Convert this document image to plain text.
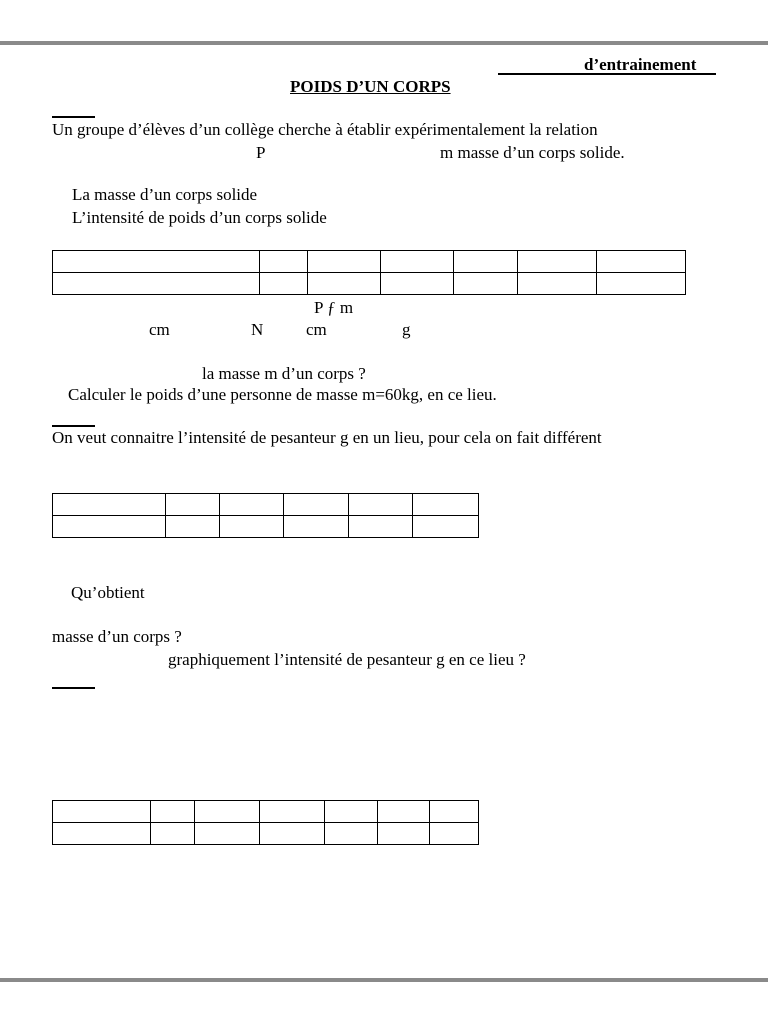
d’entrainement
POIDS D’UN CORPS
Un groupe d’élèves d’un collège cherche à établir expérimentalement la relation
P	m masse d’un corps solide.
La masse d’un corps solide
L’intensité de poids d’un corps solide

P ƒ m
cm	N	cm	g
la masse m d’un corps ?
Calculer le poids d’une personne de masse m=60kg, en ce lieu.
On veut connaitre l’intensité de pesanteur g en un lieu, pour cela on fait différent

Qu’obtient
masse d’un corps ?
graphiquement l’intensité de pesanteur g en ce lieu ?
